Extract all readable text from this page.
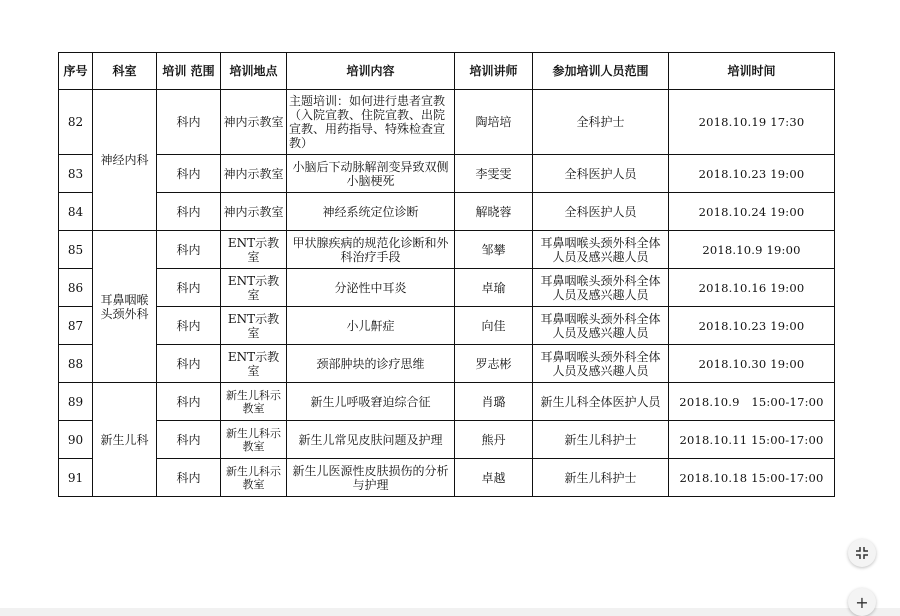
序号	科室	培训 范围	培训地点	培训内容	培训讲师	参加培训人员范围	培训时间
82	神经内科	科内	神内示教室	主题培训：如何进行患者宣教（入院宣教、住院宣教、出院宣教、用药指导、特殊检查宣教）	陶培培	全科护士	2018.10.19 17:30
83		科内	神内示教室	小脑后下动脉解剖变异致双侧小脑梗死	李雯雯	全科医护人员	2018.10.23 19:00
84		科内	神内示教室	神经系统定位诊断	解晓蓉	全科医护人员	2018.10.24 19:00
85	耳鼻咽喉头颈外科	科内	ENT示教室	甲状腺疾病的规范化诊断和外科治疗手段	邹攀	耳鼻咽喉头颈外科全体人员及感兴趣人员	2018.10.9 19:00
86		科内	ENT示教室	分泌性中耳炎	卓瑜	耳鼻咽喉头颈外科全体人员及感兴趣人员	2018.10.16 19:00
87		科内	ENT示教室	小儿鼾症	向佳	耳鼻咽喉头颈外科全体人员及感兴趣人员	2018.10.23 19:00
88		科内	ENT示教室	颈部肿块的诊疗思维	罗志彬	耳鼻咽喉头颈外科全体人员及感兴趣人员	2018.10.30 19:00
89	新生儿科	科内	新生儿科示教室	新生儿呼吸窘迫综合征	肖璐	新生儿科全体医护人员	2018.10.9　15:00-17:00
90		科内	新生儿科示教室	新生儿常见皮肤问题及护理	熊丹	新生儿科护士	2018.10.11 15:00-17:00
91		科内	新生儿科示教室	新生儿医源性皮肤损伤的分析与护理	卓越	新生儿科护士	2018.10.18 15:00-17:00
+
